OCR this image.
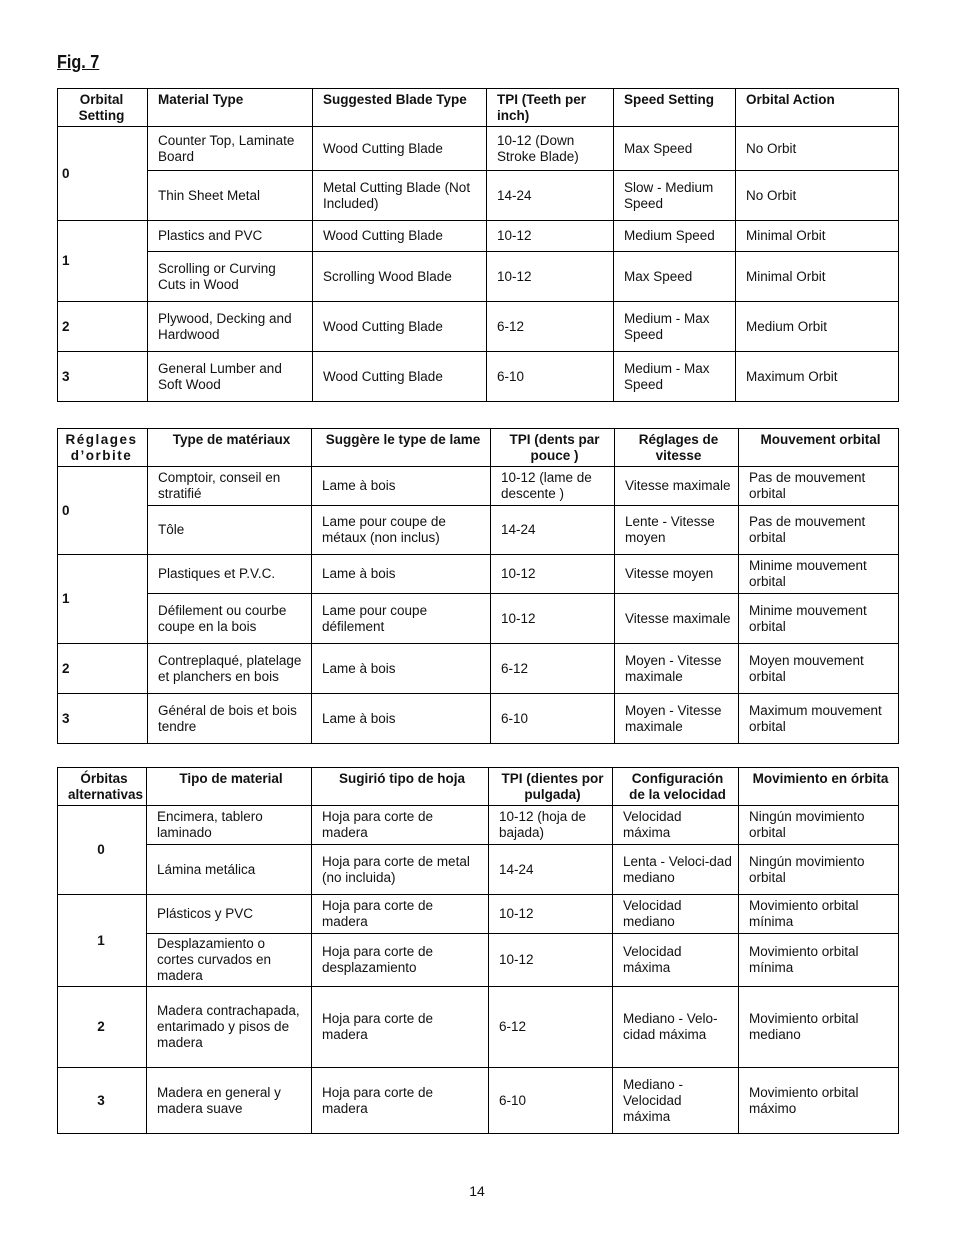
Fig. 7
Orbital Setting	Material Type	Suggested Blade Type	TPI (Teeth per inch)	Speed Setting	Orbital Action
0	Counter Top, Laminate Board	Wood Cutting Blade	10-12 (Down Stroke Blade)	Max Speed	No Orbit
	Thin Sheet Metal	Metal Cutting Blade (Not Included)	14-24	Slow - Medium Speed	No Orbit
1	Plastics and PVC	Wood Cutting Blade	10-12	Medium Speed	Minimal Orbit
	Scrolling or Curving Cuts in Wood	Scrolling Wood Blade	10-12	Max Speed	Minimal Orbit
2	Plywood, Decking and Hardwood	Wood Cutting Blade	6-12	Medium - Max Speed	Medium Orbit
3	General Lumber and Soft Wood	Wood Cutting Blade	6-10	Medium - Max Speed	Maximum Orbit
Réglages d’orbite	Type de matériaux	Suggère le type de lame	TPI (dents par pouce )	Réglages de vitesse	Mouvement orbital
0	Comptoir, conseil en stratifié	Lame à bois	10-12 (lame de descente )	Vitesse maximale	Pas de mouvement orbital
	Tôle	Lame pour coupe de métaux (non inclus)	14-24	Lente - Vitesse moyen	Pas de mouvement orbital
1	Plastiques et P.V.C.	Lame à bois	10-12	Vitesse moyen	Minime mouvement orbital
	Défilement ou courbe coupe en la bois	Lame pour coupe défilement	10-12	Vitesse maximale	Minime mouvement orbital
2	Contreplaqué, platelage et planchers en bois	Lame à bois	6-12	Moyen - Vitesse maximale	Moyen mouvement orbital
3	Général de bois et bois tendre	Lame à bois	6-10	Moyen - Vitesse maximale	Maximum mouvement orbital
Órbitas alternativas	Tipo de material	Sugirió tipo de hoja	TPI (dientes por pulgada)	Configuración de la velocidad	Movimiento en órbita
0	Encimera, tablero laminado	Hoja para corte de madera	10-12 (hoja de bajada)	Velocidad máxima	Ningún movimiento orbital
	Lámina metálica	Hoja para corte de metal (no incluida)	14-24	Lenta - Veloci-dad mediano	Ningún movimiento orbital
1	Plásticos y PVC	Hoja para corte de madera	10-12	Velocidad mediano	Movimiento orbital mínima
	Desplazamiento o cortes curvados en madera	Hoja para corte de desplazamiento	10-12	Velocidad máxima	Movimiento orbital mínima
2	Madera contrachapada, entarimado y pisos de madera	Hoja para corte de madera	6-12	Mediano - Velo-cidad máxima	Movimiento orbital mediano
3	Madera en general y madera suave	Hoja para corte de madera	6-10	Mediano - Velocidad máxima	Movimiento orbital máximo
14
